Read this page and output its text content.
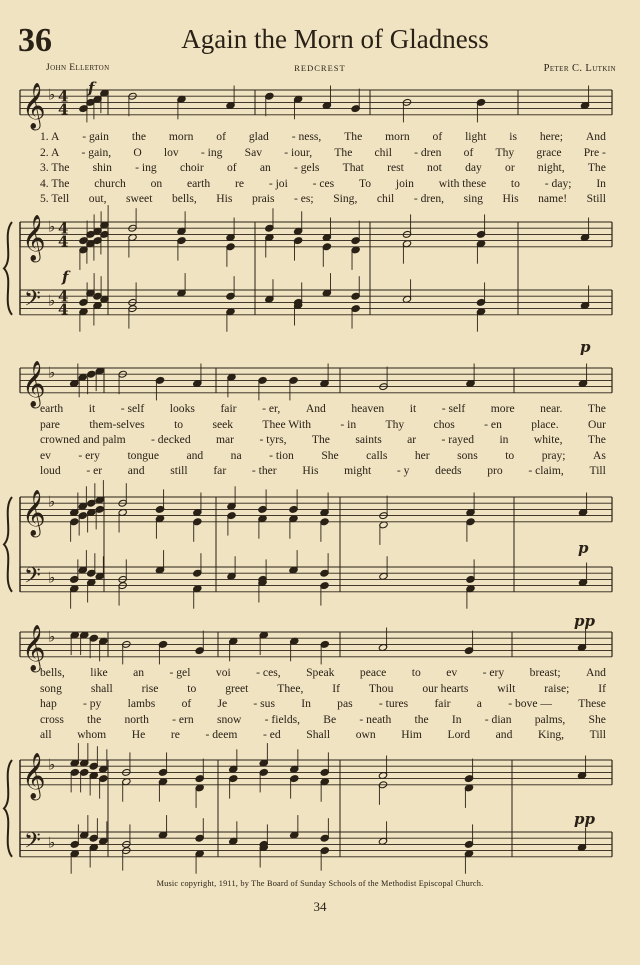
36	Again the Morn of Gladness
John Ellerton	REDCREST	Peter C. Lutkin
𝄞
𝄞
𝄢
♭
♭
♭
4
4
4
4
4
4
𝄞
𝄞
𝄢
♭
♭
♭
𝄞
𝄞
𝄢
♭
♭
♭
f
f
p
p
pp
pp
1. A - gain the morn of glad - ness, The morn of light is here; And
2. A - gain, O lov - ing Sav - iour, The chil - dren of Thy grace Pre -
3. The shin - ing choir of an - gels That rest not day or night, The
4. The church on earth re - joi - ces To join with these to - day; In
5. Tell out, sweet bells, His prais - es; Sing, chil - dren, sing His name! Still
earth it - self looks fair - er, And heaven it - self more near. The
pare	them-selves	to	seek	Thee With	- in	Thy	chos	- en	place.	Our
crowned and palm - decked mar - tyrs, The saints ar - rayed in white, The
ev - ery tongue and na - tion She calls her sons to pray; As
loud - er and still far - ther His might - y deeds pro - claim, Till
bells, like an - gel voi - ces, Speak peace to ev - ery breast; And
song shall rise to greet Thee, If Thou our hearts wilt raise; If
hap - py lambs of Je - sus In pas - tures fair a - bove — These
cross the north - ern snow - fields, Be - neath the In - dian palms, She
all whom He re - deem - ed Shall own Him Lord and King, Till
Music copyright, 1911, by The Board of Sunday Schools of the Methodist Episcopal Church.
34
